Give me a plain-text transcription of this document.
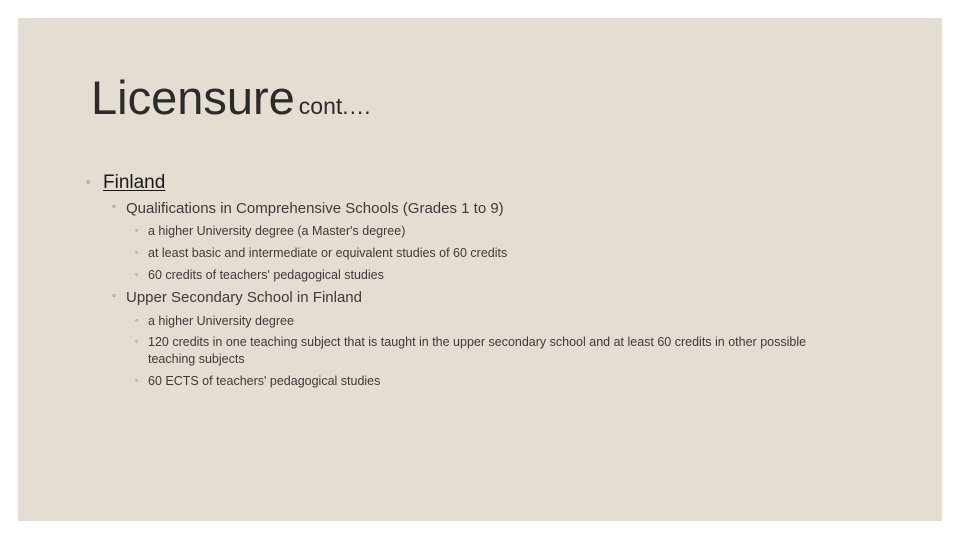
Licensure cont.…
◦ Finland
◦ Qualifications in Comprehensive Schools (Grades 1 to 9)
◦ a higher University degree (a Master's degree)
◦ at least basic and intermediate or equivalent studies of 60 credits
◦ 60 credits of teachers' pedagogical studies
◦ Upper Secondary School in Finland
◦ a higher University degree
◦ 120 credits in one teaching subject that is taught in the upper secondary school and at least 60 credits in other possible teaching subjects
◦ 60 ECTS of teachers' pedagogical studies
